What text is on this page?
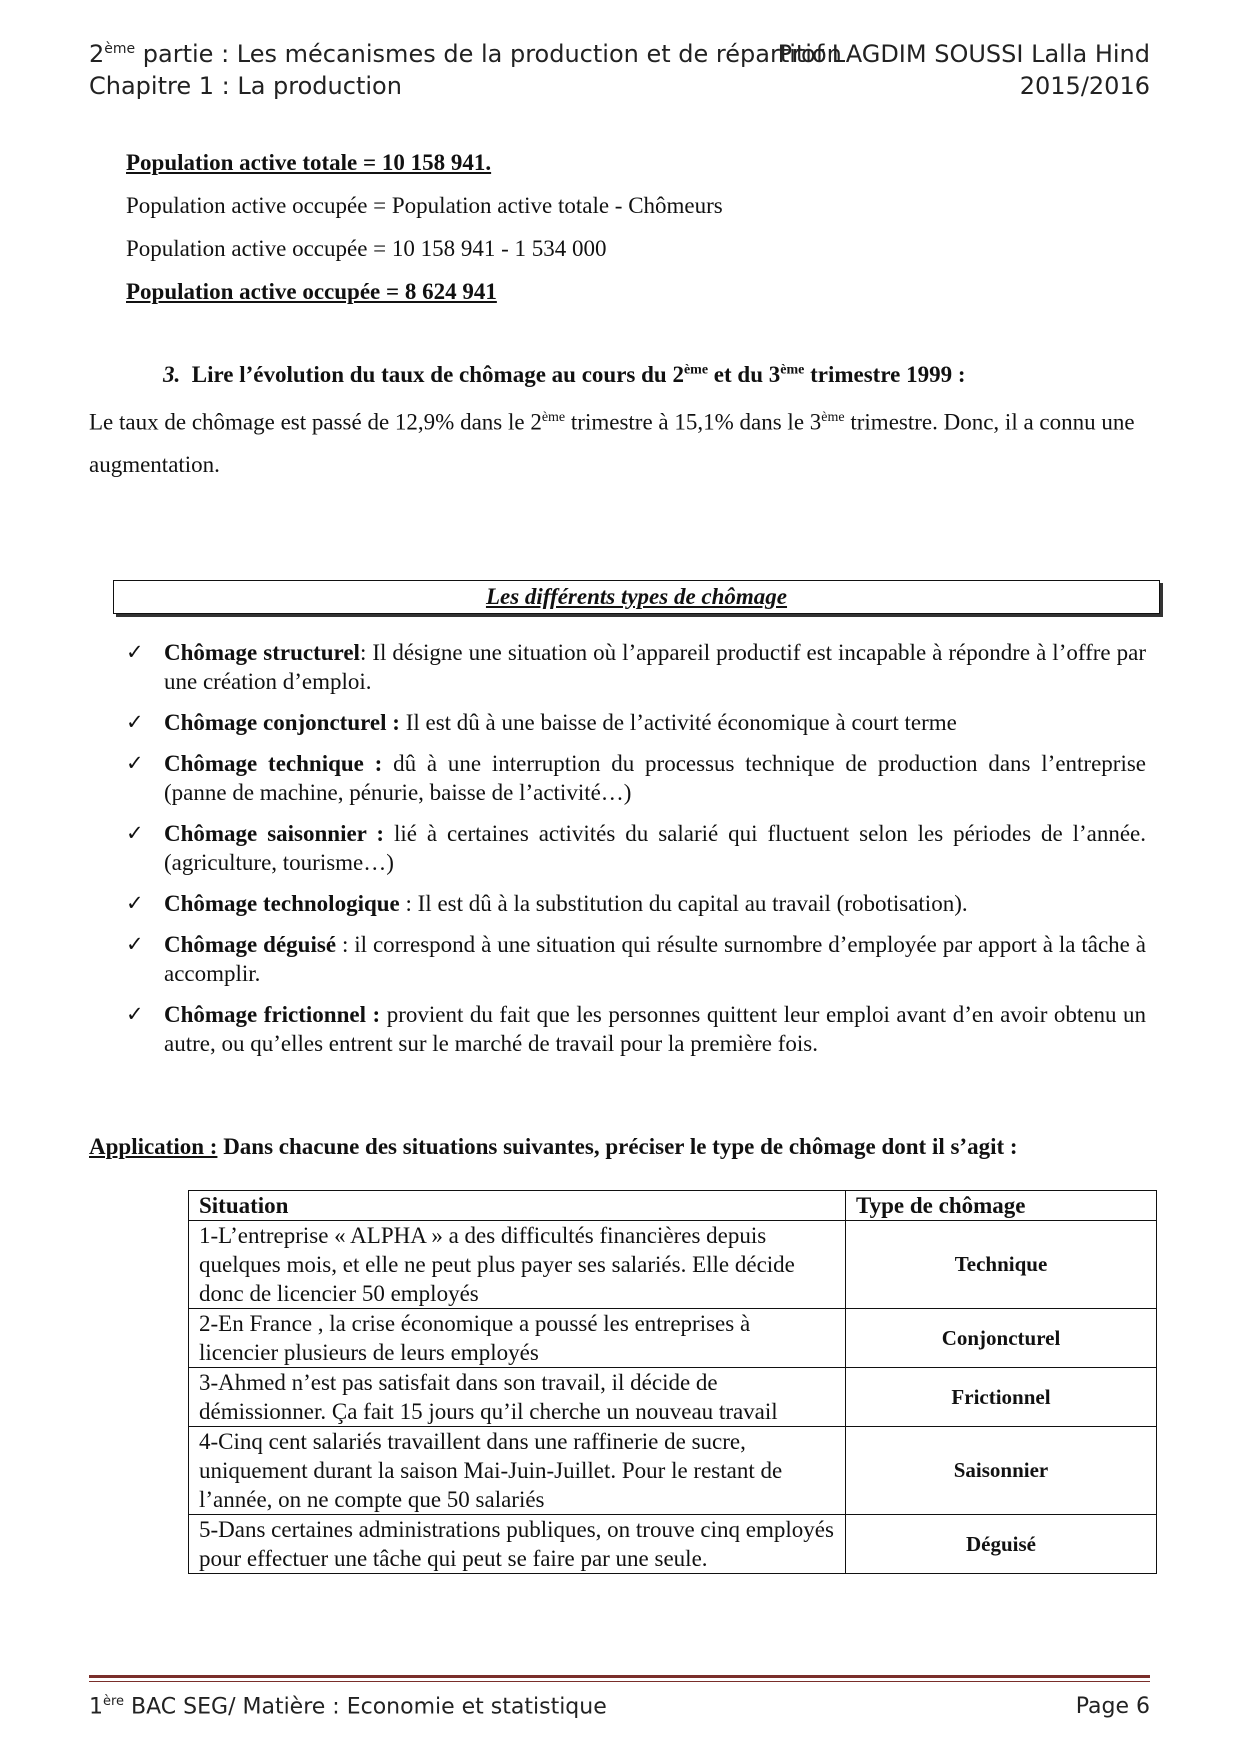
2ème partie : Les mécanismes de la production et de répartition
Prof LAGDIM SOUSSI Lalla Hind
Chapitre 1 : La production	2015/2016
Population active totale = 10 158 941.
Population active occupée = Population active totale - Chômeurs
Population active occupée = 10 158 941 - 1 534 000
Population active occupée = 8 624 941
3. Lire l’évolution du taux de chômage au cours du 2ème et du 3ème trimestre 1999 :
Le taux de chômage est passé de 12,9% dans le 2ème trimestre à 15,1% dans le 3ème trimestre. Donc, il a connu une augmentation.
Les différents types de chômage
✓ Chômage structurel: Il désigne une situation où l’appareil productif est incapable à répondre à l’offre par une création d’emploi.
✓ Chômage conjoncturel : Il est dû à une baisse de l’activité économique à court terme
✓ Chômage technique : dû à une interruption du processus technique de production dans l’entreprise (panne de machine, pénurie, baisse de l’activité…)
✓ Chômage saisonnier : lié à certaines activités du salarié qui fluctuent selon les périodes de l’année.(agriculture, tourisme…)
✓ Chômage technologique : Il est dû à la substitution du capital au travail (robotisation).
✓ Chômage déguisé : il correspond à une situation qui résulte surnombre d’employée par apport à la tâche à accomplir.
✓ Chômage frictionnel : provient du fait que les personnes quittent leur emploi avant d’en avoir obtenu un autre, ou qu’elles entrent sur le marché de travail pour la première fois.
Application : Dans chacune des situations suivantes, préciser le type de chômage dont il s’agit :
Situation	Type de chômage
1-L’entreprise « ALPHA » a des difficultés financières depuis quelques mois, et elle ne peut plus payer ses salariés. Elle décide donc de licencier 50 employés	Technique
2-En France , la crise économique a poussé les entreprises à licencier plusieurs de leurs employés	Conjoncturel
3-Ahmed n’est pas satisfait dans son travail, il décide de démissionner. Ça fait 15 jours qu’il cherche un nouveau travail	Frictionnel
4-Cinq cent salariés travaillent dans une raffinerie de sucre, uniquement durant la saison Mai-Juin-Juillet. Pour le restant de l’année, on ne compte que 50 salariés	Saisonnier
5-Dans certaines administrations publiques, on trouve cinq employés pour effectuer une tâche qui peut se faire par une seule.	Déguisé
1ère BAC SEG/ Matière : Economie et statistique	Page 6
